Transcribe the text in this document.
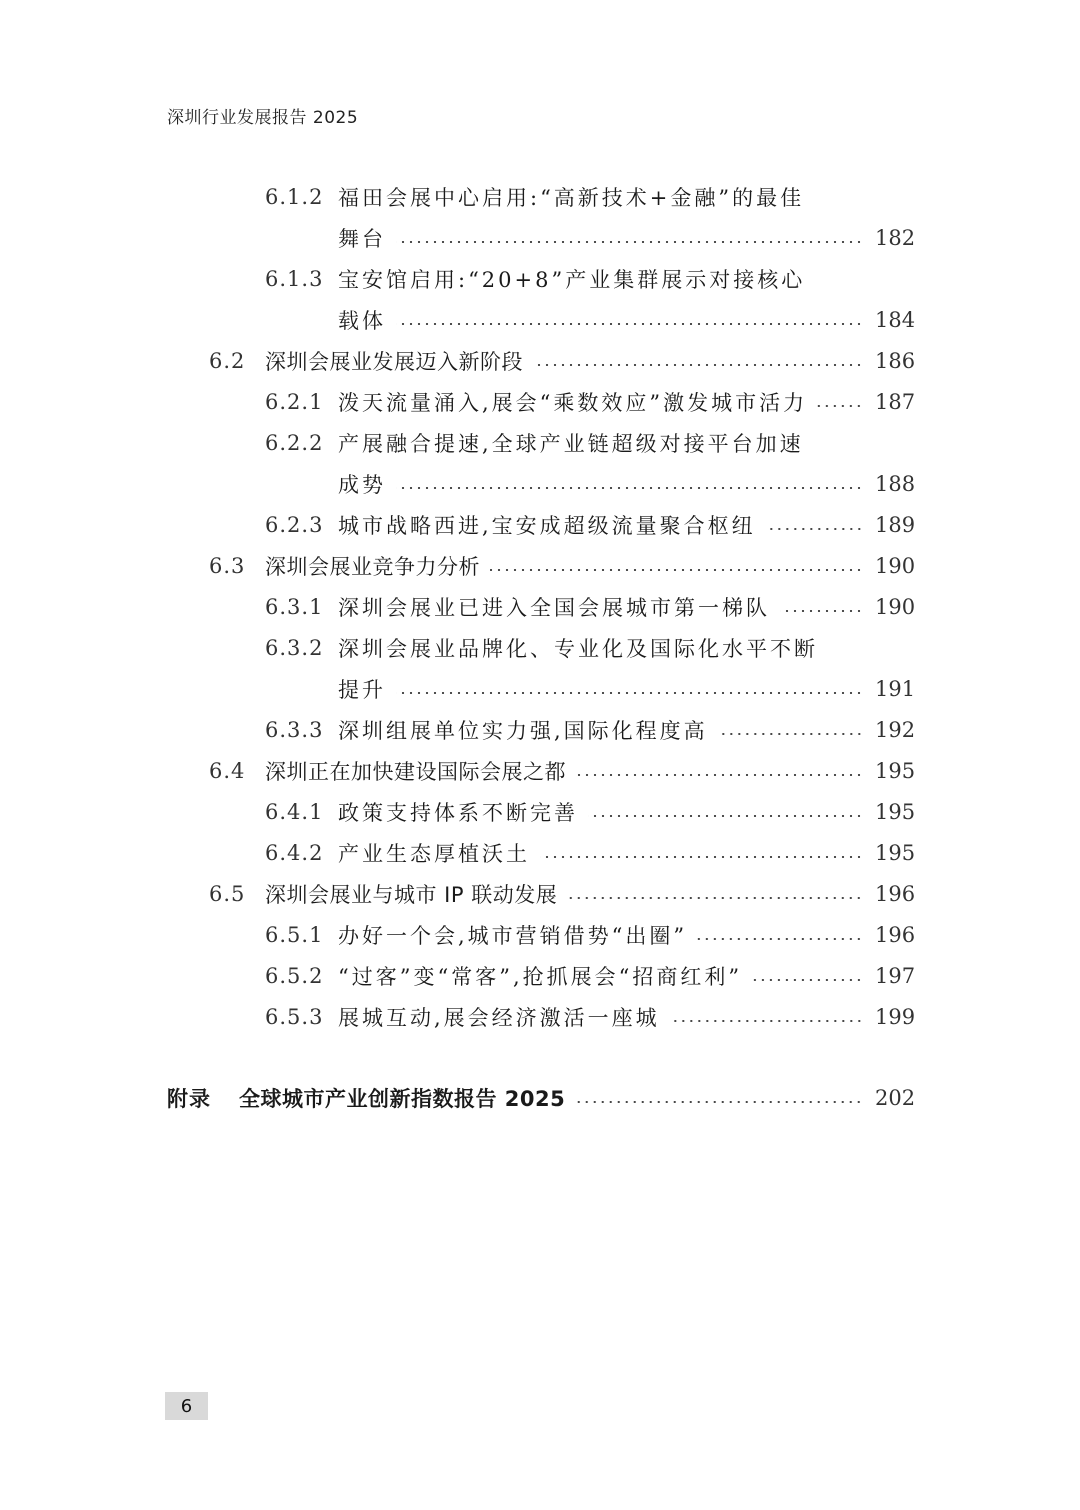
深圳行业发展报告 2025
6.1.2 福田会展中心启用:“高新技术+金融”的最佳
舞台	182
6.1.3 宝安馆启用:“20+8”产业集群展示对接核心
载体	184
6.2 深圳会展业发展迈入新阶段	186
6.2.1 泼天流量涌入,展会“乘数效应”激发城市活力	187
6.2.2 产展融合提速,全球产业链超级对接平台加速
成势	188
6.2.3 城市战略西进,宝安成超级流量聚合枢纽	189
6.3 深圳会展业竞争力分析	190
6.3.1 深圳会展业已进入全国会展城市第一梯队	190
6.3.2 深圳会展业品牌化、专业化及国际化水平不断
提升	191
6.3.3 深圳组展单位实力强,国际化程度高	192
6.4 深圳正在加快建设国际会展之都	195
6.4.1 政策支持体系不断完善	195
6.4.2 产业生态厚植沃土	195
6.5 深圳会展业与城市 IP 联动发展	196
6.5.1 办好一个会,城市营销借势“出圈”	196
6.5.2 “过客”变“常客”,抢抓展会“招商红利”	197
6.5.3 展城互动,展会经济激活一座城	199
附录	全球城市产业创新指数报告 2025	202
6
